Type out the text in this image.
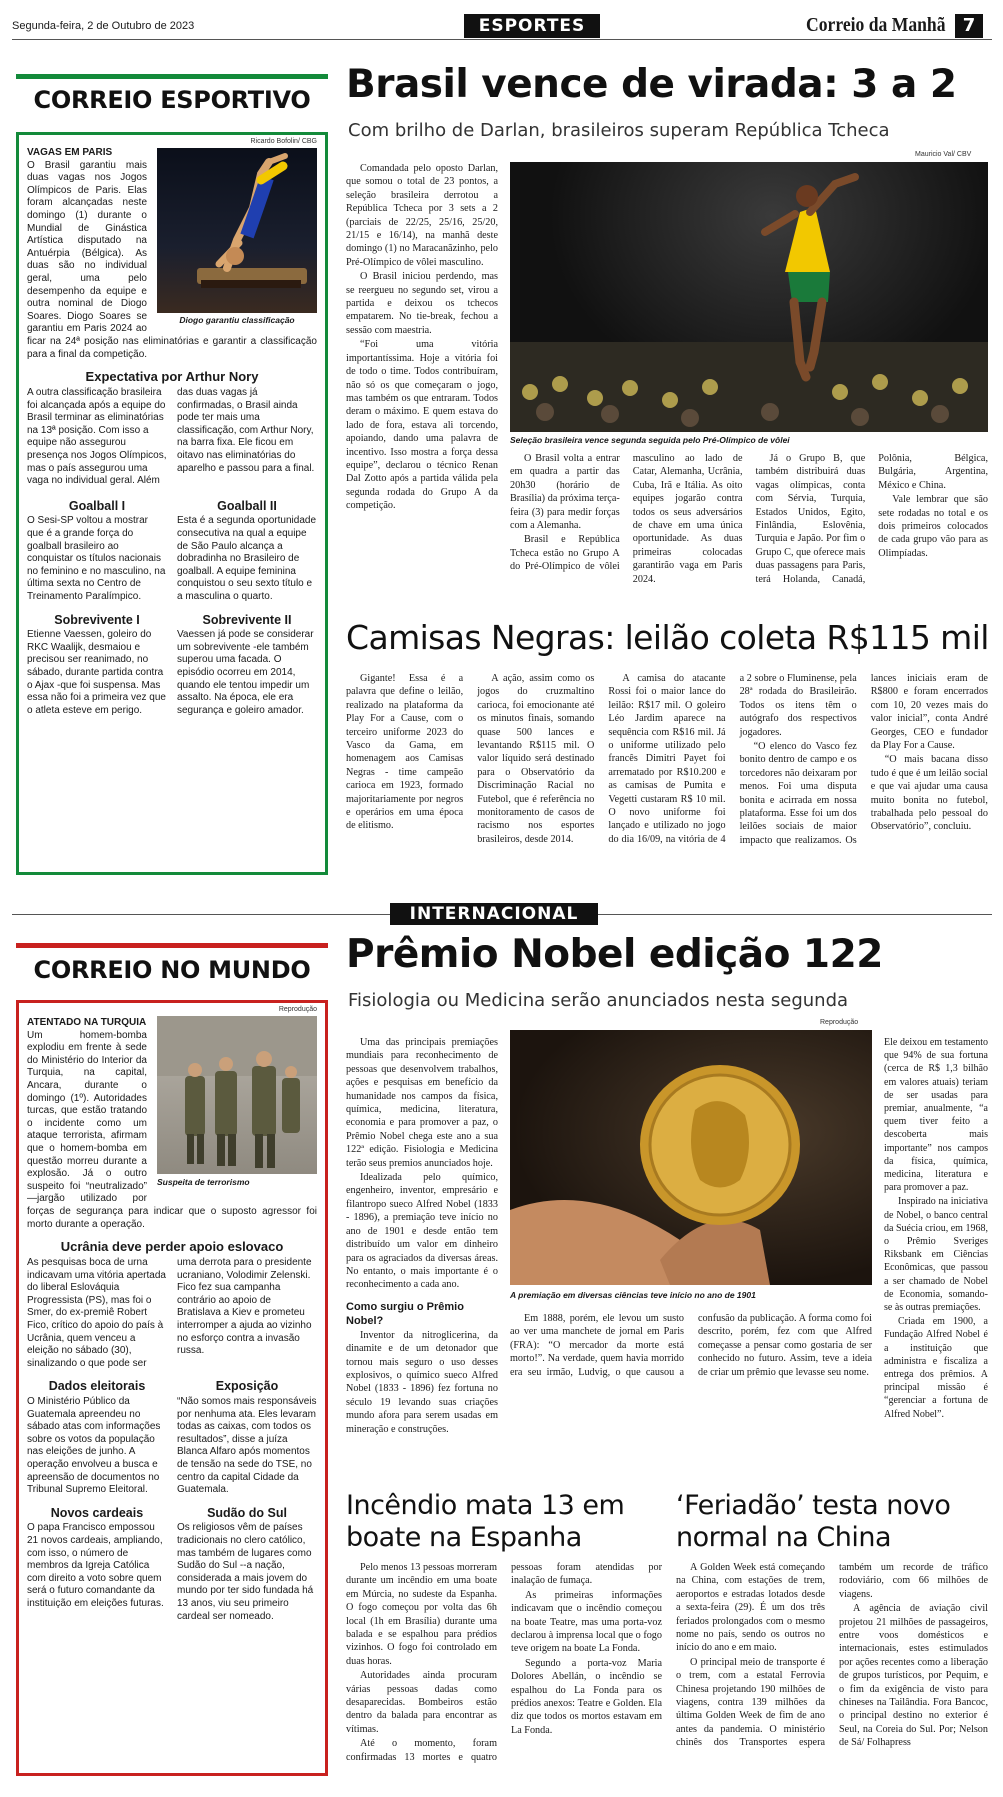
Segunda-feira, 2 de Outubro de 2023	ESPORTES	Correio da Manhã 7
CORREIO ESPORTIVO
Ricardo Bofolin/ CBG
Diogo garantiu classificação
VAGAS EM PARIS

O Brasil garantiu mais duas vagas nos Jogos Olímpicos de Paris. Elas foram alcançadas neste domingo (1) durante o Mundial de Ginástica Artística disputado na Antuérpia (Bélgica). As duas são no individual geral, uma pelo desempenho da equipe e outra nominal de Diogo Soares. Diogo Soares se garantiu em Paris 2024 ao ficar na 24ª posição nas eliminatórias e garantir a classificação para a final da competição.

Expectativa por Arthur Nory

A outra classificação brasileira foi alcançada após a equipe do Brasil terminar as eliminatórias na 13ª posição. Com isso a equipe não assegurou presença nos Jogos Olímpicos, mas o país assegurou uma vaga no individual geral. Além das duas vagas já confirmadas, o Brasil ainda pode ter mais uma classificação, com Arthur Nory, na barra fixa. Ele ficou em oitavo nas eliminatórias do aparelho e passou para a final.

Goalball I

O Sesi-SP voltou a mostrar que é a grande força do goalball brasileiro ao conquistar os títulos nacionais no feminino e no masculino, na última sexta no Centro de Treinamento Paralímpico.

Goalball II

Esta é a segunda oportunidade consecutiva na qual a equipe de São Paulo alcança a dobradinha no Brasileiro de goalball. A equipe feminina conquistou o seu sexto título e a masculina o quarto.

Sobrevivente I

Etienne Vaessen, goleiro do RKC Waalijk, desmaiou e precisou ser reanimado, no sábado, durante partida contra o Ajax -que foi suspensa. Mas essa não foi a primeira vez que o atleta esteve em perigo.

Sobrevivente II

Vaessen já pode se considerar um sobrevivente -ele também superou uma facada. O episódio ocorreu em 2014, quando ele tentou impedir um assalto. Na época, ele era segurança e goleiro amador.

Brasil vence de virada: 3 a 2
Com brilho de Darlan, brasileiros superam República Tcheca
Mauricio Val/ CBV
Seleção brasileira vence segunda seguida pelo Pré-Olímpico de vôlei

Comandada pelo oposto Darlan, que somou o total de 23 pontos, a seleção brasileira derrotou a República Tcheca por 3 sets a 2 (parciais de 22/25, 25/16, 25/20, 21/15 e 16/14), na manhã deste domingo (1) no Maracanãzinho, pelo Pré-Olímpico de vôlei masculino.

O Brasil iniciou perdendo, mas se reergueu no segundo set, virou a partida e deixou os tchecos empatarem. No tie-break, fechou a sessão com maestria.

“Foi uma vitória importantíssima. Hoje a vitória foi de todo o time. Todos contribuíram, não só os que começaram o jogo, mas também os que entraram. Todos deram o máximo. E quem estava do lado de fora, estava ali torcendo, apoiando, dando uma palavra de incentivo. Isso mostra a força dessa equipe”, declarou o técnico Renan Dal Zotto após a partida válida pela segunda rodada do Grupo A da competição.

O Brasil volta a entrar em quadra a partir das 20h30 (horário de Brasília) da próxima terça-feira (3) para medir forças com a Alemanha.

Brasil e República Tcheca estão no Grupo A do Pré-Olímpico de vôlei masculino ao lado de Catar, Alemanha, Ucrânia, Cuba, Irã e Itália. As oito equipes jogarão contra todos os seus adversários de chave em uma única oportunidade. As duas primeiras colocadas garantirão vaga em Paris 2024.

Já o Grupo B, que também distribuirá duas vagas olímpicas, conta com Sérvia, Turquia, Estados Unidos, Egito, Finlândia, Eslovênia, Turquia e Japão. Por fim o Grupo C, que oferece mais duas passagens para Paris, terá Holanda, Canadá, Polônia, Bélgica, Bulgária, Argentina, México e China.

Vale lembrar que são sete rodadas no total e os dois primeiros colocados de cada grupo vão para as Olimpíadas.

Camisas Negras: leilão coleta R$115 mil

Gigante! Essa é a palavra que define o leilão, realizado na plataforma da Play For a Cause, com o terceiro uniforme 2023 do Vasco da Gama, em homenagem aos Camisas Negras - time campeão carioca em 1923, formado majoritariamente por negros e operários em uma época de elitismo.

A ação, assim como os jogos do cruzmaltino carioca, foi emocionante até os minutos finais, somando quase 500 lances e levantando R$115 mil. O valor líquido será destinado para o Observatório da Discriminação Racial no Futebol, que é referência no monitoramento de casos de racismo nos esportes brasileiros, desde 2014.

A camisa do atacante Rossi foi o maior lance do leilão: R$17 mil. O goleiro Léo Jardim aparece na sequência com R$16 mil. Já o uniforme utilizado pelo francês Dimitri Payet foi arrematado por R$10.200 e as camisas de Pumita e Vegetti custaram R$ 10 mil. O novo uniforme foi lançado e utilizado no jogo do dia 16/09, na vitória de 4 a 2 sobre o Fluminense, pela 28ª rodada do Brasileirão. Todos os itens têm o autógrafo dos respectivos jogadores.

“O elenco do Vasco fez bonito dentro de campo e os torcedores não deixaram por menos. Foi uma disputa bonita e acirrada em nossa plataforma. Esse foi um dos leilões sociais de maior impacto que realizamos. Os lances iniciais eram de R$800 e foram encerrados com 10, 20 vezes mais do valor inicial”, conta André Georges, CEO e fundador da Play For a Cause.

“O mais bacana disso tudo é que é um leilão social e que vai ajudar uma causa muito bonita no futebol, trabalhada pelo pessoal do Observatório”, concluiu.

INTERNACIONAL
CORREIO NO MUNDO
Reprodução
Suspeita de terrorismo
ATENTADO NA TURQUIA

Um homem-bomba explodiu em frente à sede do Ministério do Interior da Turquia, na capital, Ancara, durante o domingo (1º). Autoridades turcas, que estão tratando o incidente como um ataque terrorista, afirmam que o homem-bomba em questão morreu durante a explosão. Já o outro suspeito foi “neutralizado” —jargão utilizado por forças de segurança para indicar que o suposto agressor foi morto durante a operação.

Ucrânia deve perder apoio eslovaco

As pesquisas boca de urna indicavam uma vitória apertada do liberal Eslováquia Progressista (PS), mas foi o Smer, do ex-premiê Robert Fico, crítico do apoio do país à Ucrânia, quem venceu a eleição no sábado (30), sinalizando o que pode ser uma derrota para o presidente ucraniano, Volodimir Zelenski. Fico fez sua campanha contrário ao apoio de Bratislava a Kiev e prometeu interromper a ajuda ao vizinho no esforço contra a invasão russa.

Dados eleitorais

O Ministério Público da Guatemala apreendeu no sábado atas com informações sobre os votos da população nas eleições de junho. A operação envolveu a busca e apreensão de documentos no Tribunal Supremo Eleitoral.

Exposição

“Não somos mais responsáveis por nenhuma ata. Eles levaram todas as caixas, com todos os resultados”, disse a juíza Blanca Alfaro após momentos de tensão na sede do TSE, no centro da capital Cidade da Guatemala.

Novos cardeais

O papa Francisco empossou 21 novos cardeais, ampliando, com isso, o número de membros da Igreja Católica com direito a voto sobre quem será o futuro comandante da instituição em eleições futuras.

Sudão do Sul

Os religiosos vêm de países tradicionais no clero católico, mas também de lugares como Sudão do Sul --a nação, considerada a mais jovem do mundo por ter sido fundada há 13 anos, viu seu primeiro cardeal ser nomeado.

Prêmio Nobel edição 122
Fisiologia ou Medicina serão anunciados nesta segunda
Reprodução
A premiação em diversas ciências teve início no ano de 1901

Uma das principais premiações mundiais para reconhecimento de pessoas que desenvolvem trabalhos, ações e pesquisas em benefício da humanidade nos campos da física, química, medicina, literatura, economia e para promover a paz, o Prêmio Nobel chega este ano a sua 122ª edição. Fisiologia e Medicina terão seus premios anunciados hoje.

Idealizada pelo químico, engenheiro, inventor, empresário e filantropo sueco Alfred Nobel (1833 - 1896), a premiação teve início no ano de 1901 e desde então tem distribuído um valor em dinheiro para os agraciados da diversas áreas. No entanto, o mais importante é o reconhecimento a cada ano.

Como surgiu o Prêmio Nobel?

Inventor da nitroglicerina, da dinamite e de um detonador que tornou mais seguro o uso desses explosivos, o químico sueco Alfred Nobel (1833 - 1896) fez fortuna no século 19 levando suas criações mundo afora para serem usadas em mineração e construções.

Em 1888, porém, ele levou um susto ao ver uma manchete de jornal em Paris (FRA): “O mercador da morte está morto!”. Na verdade, quem havia morrido era seu irmão, Ludvig, o que causou a confusão da publicação. A forma como foi descrito, porém, fez com que Alfred começasse a pensar como gostaria de ser conhecido no futuro. Assim, teve a ideia de criar um prêmio que levasse seu nome.

Ele deixou em testamento que 94% de sua fortuna (cerca de R$ 1,3 bilhão em valores atuais) teriam de ser usadas para premiar, anualmente, “a quem tiver feito a descoberta mais importante” nos campos da física, química, medicina, literatura e para promover a paz.

Inspirado na iniciativa de Nobel, o banco central da Suécia criou, em 1968, o Prêmio Sveriges Riksbank em Ciências Econômicas, que passou a ser chamado de Nobel de Economia, somando-se às outras premiações.

Criada em 1900, a Fundação Alfred Nobel é a instituição que administra e fiscaliza a entrega dos prêmios. A principal missão é “gerenciar a fortuna de Alfred Nobel”.

Incêndio mata 13 em boate na Espanha

Pelo menos 13 pessoas morreram durante um incêndio em uma boate em Múrcia, no sudeste da Espanha. O fogo começou por volta das 6h local (1h em Brasília) durante uma balada e se espalhou para prédios vizinhos. O fogo foi controlado em duas horas.

Autoridades ainda procuram várias pessoas dadas como desaparecidas. Bombeiros estão dentro da balada para encontrar as vítimas.

Até o momento, foram confirmadas 13 mortes e quatro pessoas foram atendidas por inalação de fumaça.

As primeiras informações indicavam que o incêndio começou na boate Teatre, mas uma porta-voz declarou à imprensa local que o fogo teve origem na boate La Fonda.

Segundo a porta-voz Maria Dolores Abellán, o incêndio se espalhou do La Fonda para os prédios anexos: Teatre e Golden. Ela diz que todos os mortos estavam em La Fonda.

‘Feriadão’ testa novo normal na China

A Golden Week está começando na China, com estações de trem, aeroportos e estradas lotados desde a sexta-feira (29). É um dos três feriados prolongados com o mesmo nome no país, sendo os outros no início do ano e em maio.

O principal meio de transporte é o trem, com a estatal Ferrovia Chinesa projetando 190 milhões de viagens, contra 139 milhões da última Golden Week de fim de ano antes da pandemia. O ministério chinês dos Transportes espera também um recorde de tráfico rodoviário, com 66 milhões de viagens.

A agência de aviação civil projetou 21 milhões de passageiros, entre voos domésticos e internacionais, estes estimulados por ações recentes como a liberação de grupos turísticos, por Pequim, e o fim da exigência de visto para chineses na Tailândia. Fora Bancoc, o principal destino no exterior é Seul, na Coreia do Sul. Por; Nelson de Sá/ Folhapress
